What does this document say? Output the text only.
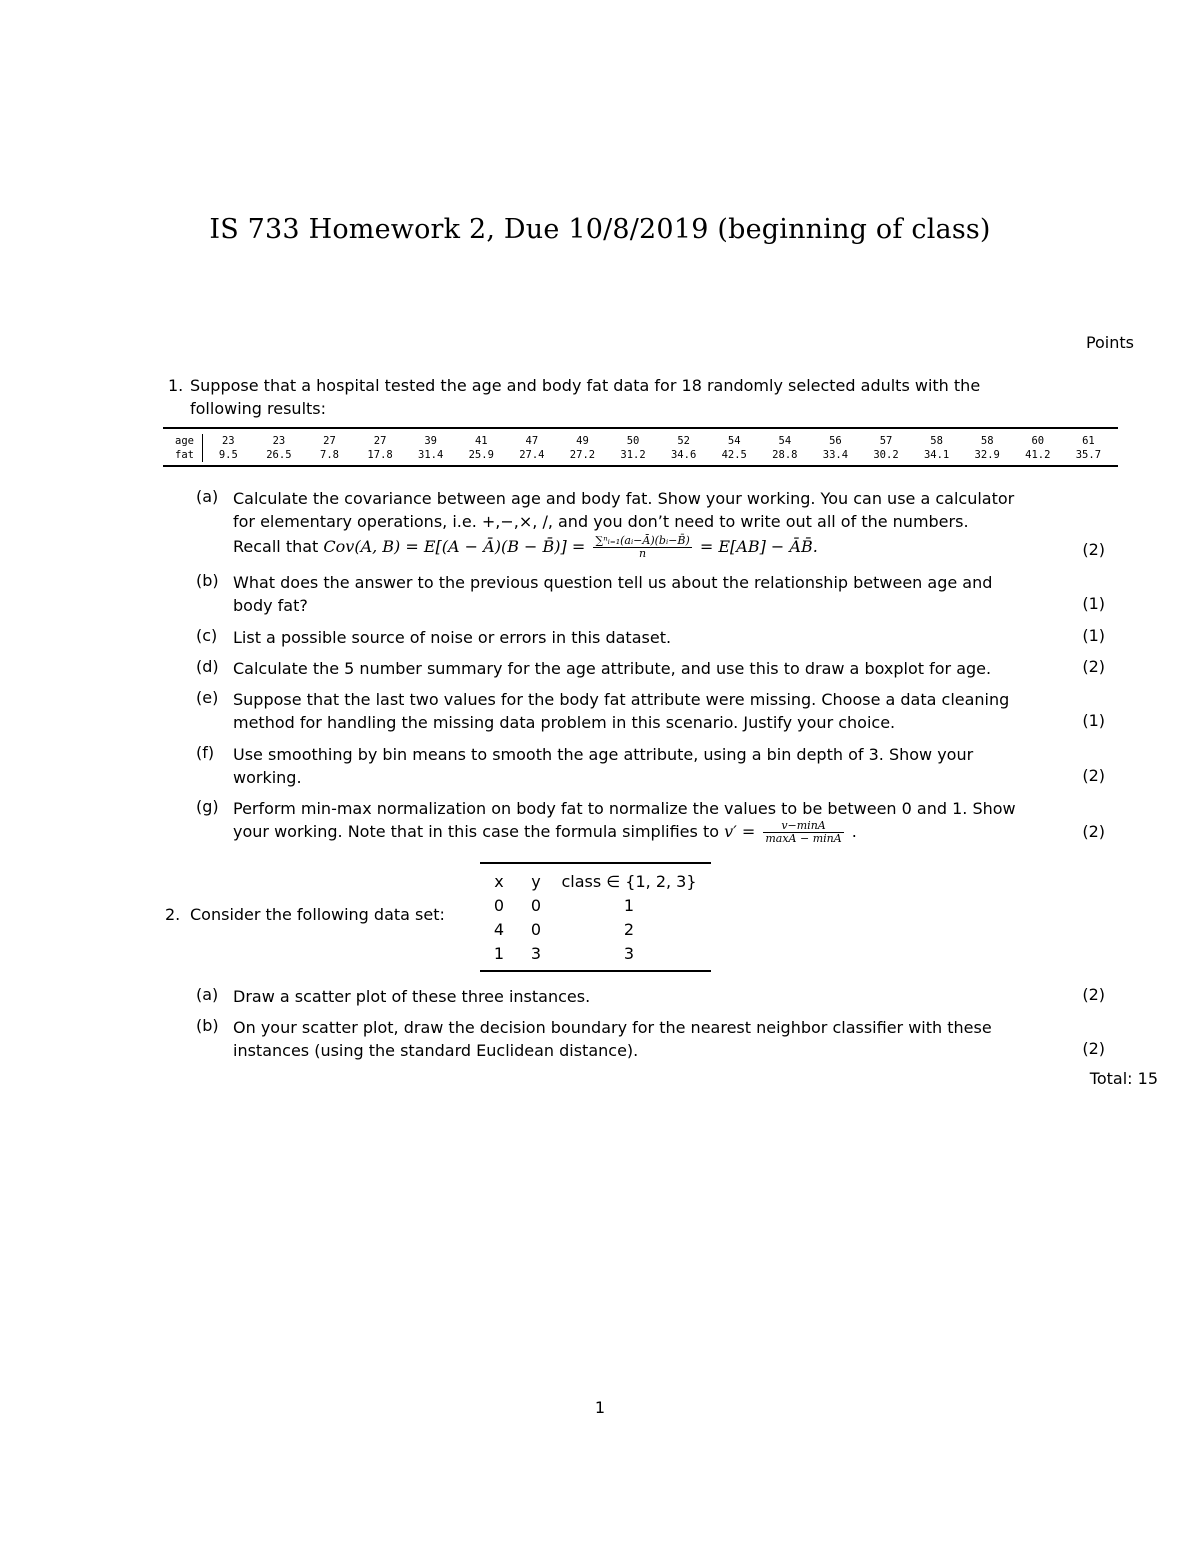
IS 733 Homework 2, Due 10/8/2019 (beginning of class)
Points
1. Suppose that a hospital tested the age and body fat data for 18 randomly selected adults with the
following results:
age	23	23	27	27	39	41	47	49	50	52	54	54	56	57	58	58	60	61
fat	9.5	26.5	7.8	17.8	31.4	25.9	27.4	27.2	31.2	34.6	42.5	28.8	33.4	30.2	34.1	32.9	41.2	35.7
(a) Calculate the covariance between age and body fat. Show your working. You can use a calculator
for elementary operations, i.e. +,−,×, /, and you don’t need to write out all of the numbers.
Recall that Cov(A, B) = E[(A − Ā)(B − B̄)] = $\frac{\text{∑ⁿᵢ₌₁(aᵢ−Ā)(bᵢ−B̄)}}{n} = E[AB]$ − ĀB̄.	(2)
(b) What does the answer to the previous question tell us about the relationship between age and
body fat?	(1)
(c) List a possible source of noise or errors in this dataset.	(1)
(d) Calculate the 5 number summary for the age attribute, and use this to draw a boxplot for age.	(2)
(e) Suppose that the last two values for the body fat attribute were missing. Choose a data cleaning
method for handling the missing data problem in this scenario. Justify your choice.	(1)
(f) Use smoothing by bin means to smooth the age attribute, using a bin depth of 3. Show your
working.	(2)
(g) Perform min-max normalization on body fat to normalize the values to be between 0 and 1. Show
your working. Note that in this case the formula simplifies to $v' = \frac{v-\min A}{\max A - \min A}$ .	(2)
2. Consider the following data set:
x	y	class ∈ {1, 2, 3}
0	0	1
4	0	2
1	3	3
(a) Draw a scatter plot of these three instances.	(2)
(b) On your scatter plot, draw the decision boundary for the nearest neighbor classifier with these
instances (using the standard Euclidean distance).	(2)
Total: 15
1
